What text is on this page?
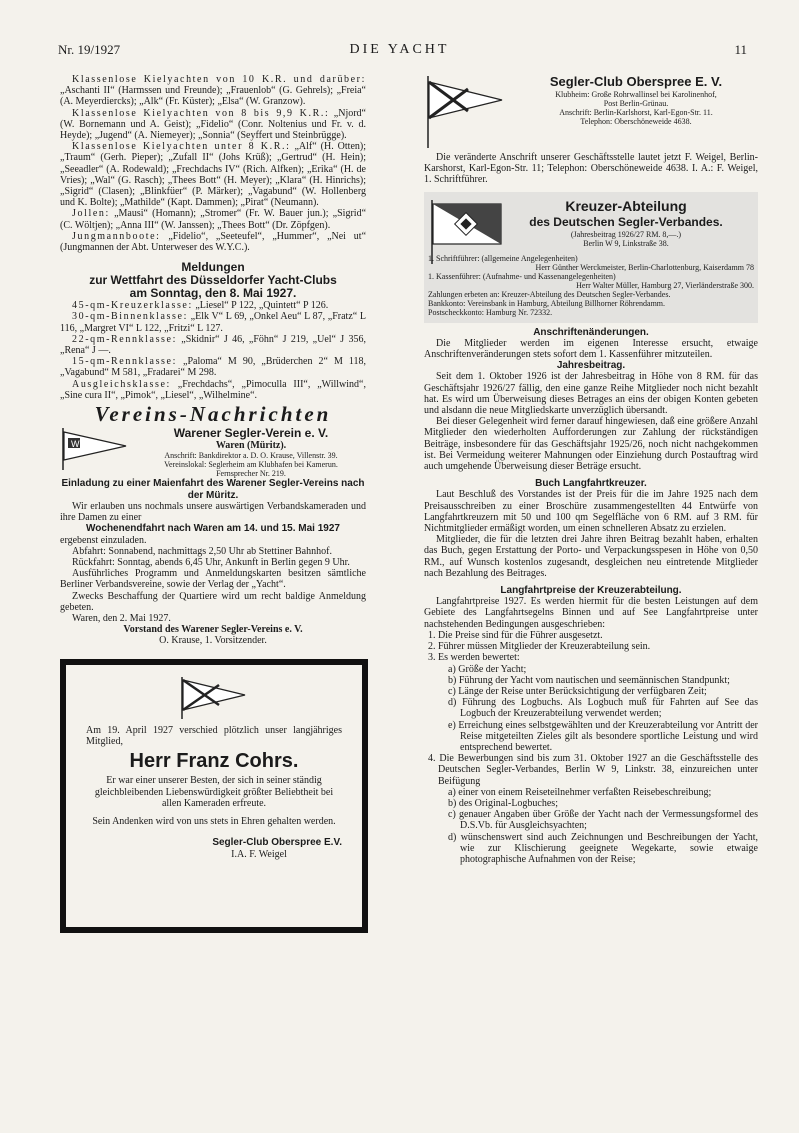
Nr. 19/1927	DIE YACHT	11

Klassenlose Kielyachten von 10 K.R. und darüber: „Aschanti II“ (Harmssen und Freunde); „Frauenlob“ (G. Gehrels); „Freia“ (A. Meyerdiercks); „Alk“ (Fr. Küster); „Elsa“ (W. Granzow).

Klassenlose Kielyachten von 8 bis 9,9 K.R.: „Njord“ (W. Bornemann und A. Geist); „Fidelio“ (Conr. Noltenius und Fr. v. d. Heyde); „Jugend“ (A. Niemeyer); „Sonnia“ (Seyffert und Steinbrügge).

Klassenlose Kielyachten unter 8 K.R.: „Alf“ (H. Otten); „Traum“ (Gerh. Pieper); „Zufall II“ (Johs Krüß); „Gertrud“ (H. Hein); „Seeadler“ (A. Rodewald); „Frechdachs IV“ (Rich. Alfken); „Erika“ (H. de Vries); „Wal“ (G. Rasch); „Thees Bott“ (H. Meyer); „Klara“ (H. Hinrichs); „Sigrid“ (Clasen); „Blinkfüer“ (P. Märker); „Vagabund“ (W. Hollenberg und K. Bolte); „Mathilde“ (Kapt. Dammen); „Pirat“ (Neumann).

Jollen: „Mausi“ (Homann); „Stromer“ (Fr. W. Bauer jun.); „Sigrid“ (C. Wöltjen); „Anna III“ (W. Janssen); „Thees Bott“ (Dr. Zöpfgen).

Jungmannboote: „Fidelio“, „Seeteufel“, „Hummer“, „Nei ut“ (Jungmannen der Abt. Unterweser des W.Y.C.).

Meldungen
zur Wettfahrt des Düsseldorfer Yacht-Clubs
am Sonntag, den 8. Mai 1927.

45-qm-Kreuzerklasse: „Liesel“ P 122, „Quintett“ P 126.

30-qm-Binnenklasse: „Elk V“ L 69, „Onkel Aeu“ L 87, „Fratz“ L 116, „Margret VI“ L 122, „Fritzi“ L 127.

22-qm-Rennklasse: „Skidnir“ J 46, „Föhn“ J 219, „Uel“ J 356, „Rena“ J —.

15-qm-Rennklasse: „Paloma“ M 90, „Brüderchen 2“ M 118, „Vagabund“ M 581, „Fradarei“ M 298.

Ausgleichsklasse: „Frechdachs“, „Pimoculla III“, „Willwind“, „Sine cura II“, „Pimok“, „Liesel“, „Wilhelmine“.

Vereins-Nachrichten
W
Warener Segler-Verein e. V.
Waren (Müritz).
Anschrift: Bankdirektor a. D. O. Krause, Villenstr. 39.
Vereinslokal: Seglerheim am Klubhafen bei Kamerun.
Fernsprecher Nr. 219.

Einladung zu einer Maienfahrt des Warener Segler-Vereins nach der Müritz.

Wir erlauben uns nochmals unsere auswärtigen Verbandskameraden und ihre Damen zu einer

Wochenendfahrt nach Waren am 14. und 15. Mai 1927

ergebenst einzuladen.

Abfahrt: Sonnabend, nachmittags 2,50 Uhr ab Stettiner Bahnhof.

Rückfahrt: Sonntag, abends 6,45 Uhr, Ankunft in Berlin gegen 9 Uhr.

Ausführliches Programm und Anmeldungskarten besitzen sämtliche Berliner Verbandsvereine, sowie der Verlag der „Yacht“.

Zwecks Beschaffung der Quartiere wird um recht baldige Anmeldung gebeten.

Waren, den 2. Mai 1927.

Vorstand des Warener Segler-Vereins e. V.

O. Krause, 1. Vorsitzender.

Am 19. April 1927 verschied plötzlich unser langjähriges Mitglied,

Herr Franz Cohrs.

Er war einer unserer Besten, der sich in seiner ständig gleichbleibenden Liebenswürdigkeit größter Beliebtheit bei allen Kameraden erfreute.

Sein Andenken wird von uns stets in Ehren gehalten werden.

Segler-Club Oberspree E.V.

I.A. F. Weigel

Segler-Club Oberspree E. V.
Klubheim: Große Rohrwallinsel bei Karolinenhof,
Post Berlin-Grünau.
Anschrift: Berlin-Karlshorst, Karl-Egon-Str. 11.
Telephon: Oberschöneweide 4638.

Die veränderte Anschrift unserer Geschäftsstelle lautet jetzt F. Weigel, Berlin-Karshorst, Karl-Egon-Str. 11; Telephon: Oberschöneweide 4638. I. A.: F. Weigel, 1. Schriftführer.

Kreuzer-Abteilung
des Deutschen Segler-Verbandes.
(Jahresbeitrag 1926/27 RM. 8,—.)
Berlin W 9, Linkstraße 38.
1. Schriftführer: (allgemeine Angelegenheiten)
Herr Günther Werckmeister, Berlin-Charlottenburg, Kaiserdamm 78
1. Kassenführer: (Aufnahme- und Kassenangelegenheiten)
Herr Walter Müller, Hamburg 27, Vierländerstraße 300.
Zahlungen erbeten an: Kreuzer-Abteilung des Deutschen Segler-Verbandes.
Bankkonto: Vereinsbank in Hamburg, Abteilung Billhorner Röhrendamm.
Postscheckkonto: Hamburg Nr. 72332.

Anschriftenänderungen.

Die Mitglieder werden im eigenen Interesse ersucht, etwaige Anschriftenveränderungen stets sofort dem 1. Kassenführer mitzuteilen.

Jahresbeitrag.

Seit dem 1. Oktober 1926 ist der Jahresbeitrag in Höhe von 8 RM. für das Geschäftsjahr 1926/27 fällig, den eine ganze Reihe Mitglieder noch nicht bezahlt hat. Es wird um Überweisung dieses Betrages an eins der obigen Konten gebeten und alsdann die neue Mitgliedskarte unverzüglich übersandt.

Bei dieser Gelegenheit wird ferner darauf hingewiesen, daß eine größere Anzahl Mitglieder den wiederholten Aufforderungen zur Zahlung der rückständigen Beiträge, insbesondere für das Geschäftsjahr 1925/26, noch nicht nachgekommen ist. Bei Vermeidung weiterer Mahnungen oder Einziehung durch Postauftrag wird auch umgehende Überweisung dieser Beträge ersucht.

Buch Langfahrtkreuzer.

Laut Beschluß des Vorstandes ist der Preis für die im Jahre 1925 nach dem Preisausschreiben zu einer Broschüre zusammengestellten 44 Entwürfe von Langfahrtkreuzern mit 50 und 100 qm Segelfläche von 6 RM. auf 3 RM. für Nichtmitglieder ermäßigt worden, um einen schnelleren Absatz zu erzielen.

Mitglieder, die für die letzten drei Jahre ihren Beitrag bezahlt haben, erhalten das Buch, gegen Erstattung der Porto- und Verpackungsspesen in Höhe von 0,50 RM., auf Wunsch kostenlos zugesandt, desgleichen neu eintretende Mitglieder nach Bezahlung des Beitrages.

Langfahrtpreise der Kreuzerabteilung.

Langfahrtpreise 1927. Es werden hiermit für die besten Leistungen auf dem Gebiete des Langfahrtsegelns Binnen und auf See Langfahrtpreise unter nachstehenden Bedingungen ausgeschrieben:

1. Die Preise sind für die Führer ausgesetzt.

2. Führer müssen Mitglieder der Kreuzerabteilung sein.

3. Es werden bewertet:

a) Größe der Yacht;

b) Führung der Yacht vom nautischen und seemännischen Standpunkt;

c) Länge der Reise unter Berücksichtigung der verfügbaren Zeit;

d) Führung des Logbuchs. Als Logbuch muß für Fahrten auf See das Logbuch der Kreuzerabteilung verwendet werden;

e) Erreichung eines selbstgewählten und der Kreuzerabteilung vor Antritt der Reise mitgeteilten Zieles gilt als besondere sportliche Leistung und wird entsprechend bewertet.

4. Die Bewerbungen sind bis zum 31. Oktober 1927 an die Geschäftsstelle des Deutschen Segler-Verbandes, Berlin W 9, Linkstr. 38, einzureichen unter Beifügung

a) einer von einem Reiseteilnehmer verfaßten Reisebeschreibung;

b) des Original-Logbuches;

c) genauer Angaben über Größe der Yacht nach der Vermessungsformel des D.S.Vb. für Ausgleichsyachten;

d) wünschenswert sind auch Zeichnungen und Beschreibungen der Yacht, wie zur Klischierung geeignete Wegekarte, sowie etwaige photographische Aufnahmen von der Reise;
